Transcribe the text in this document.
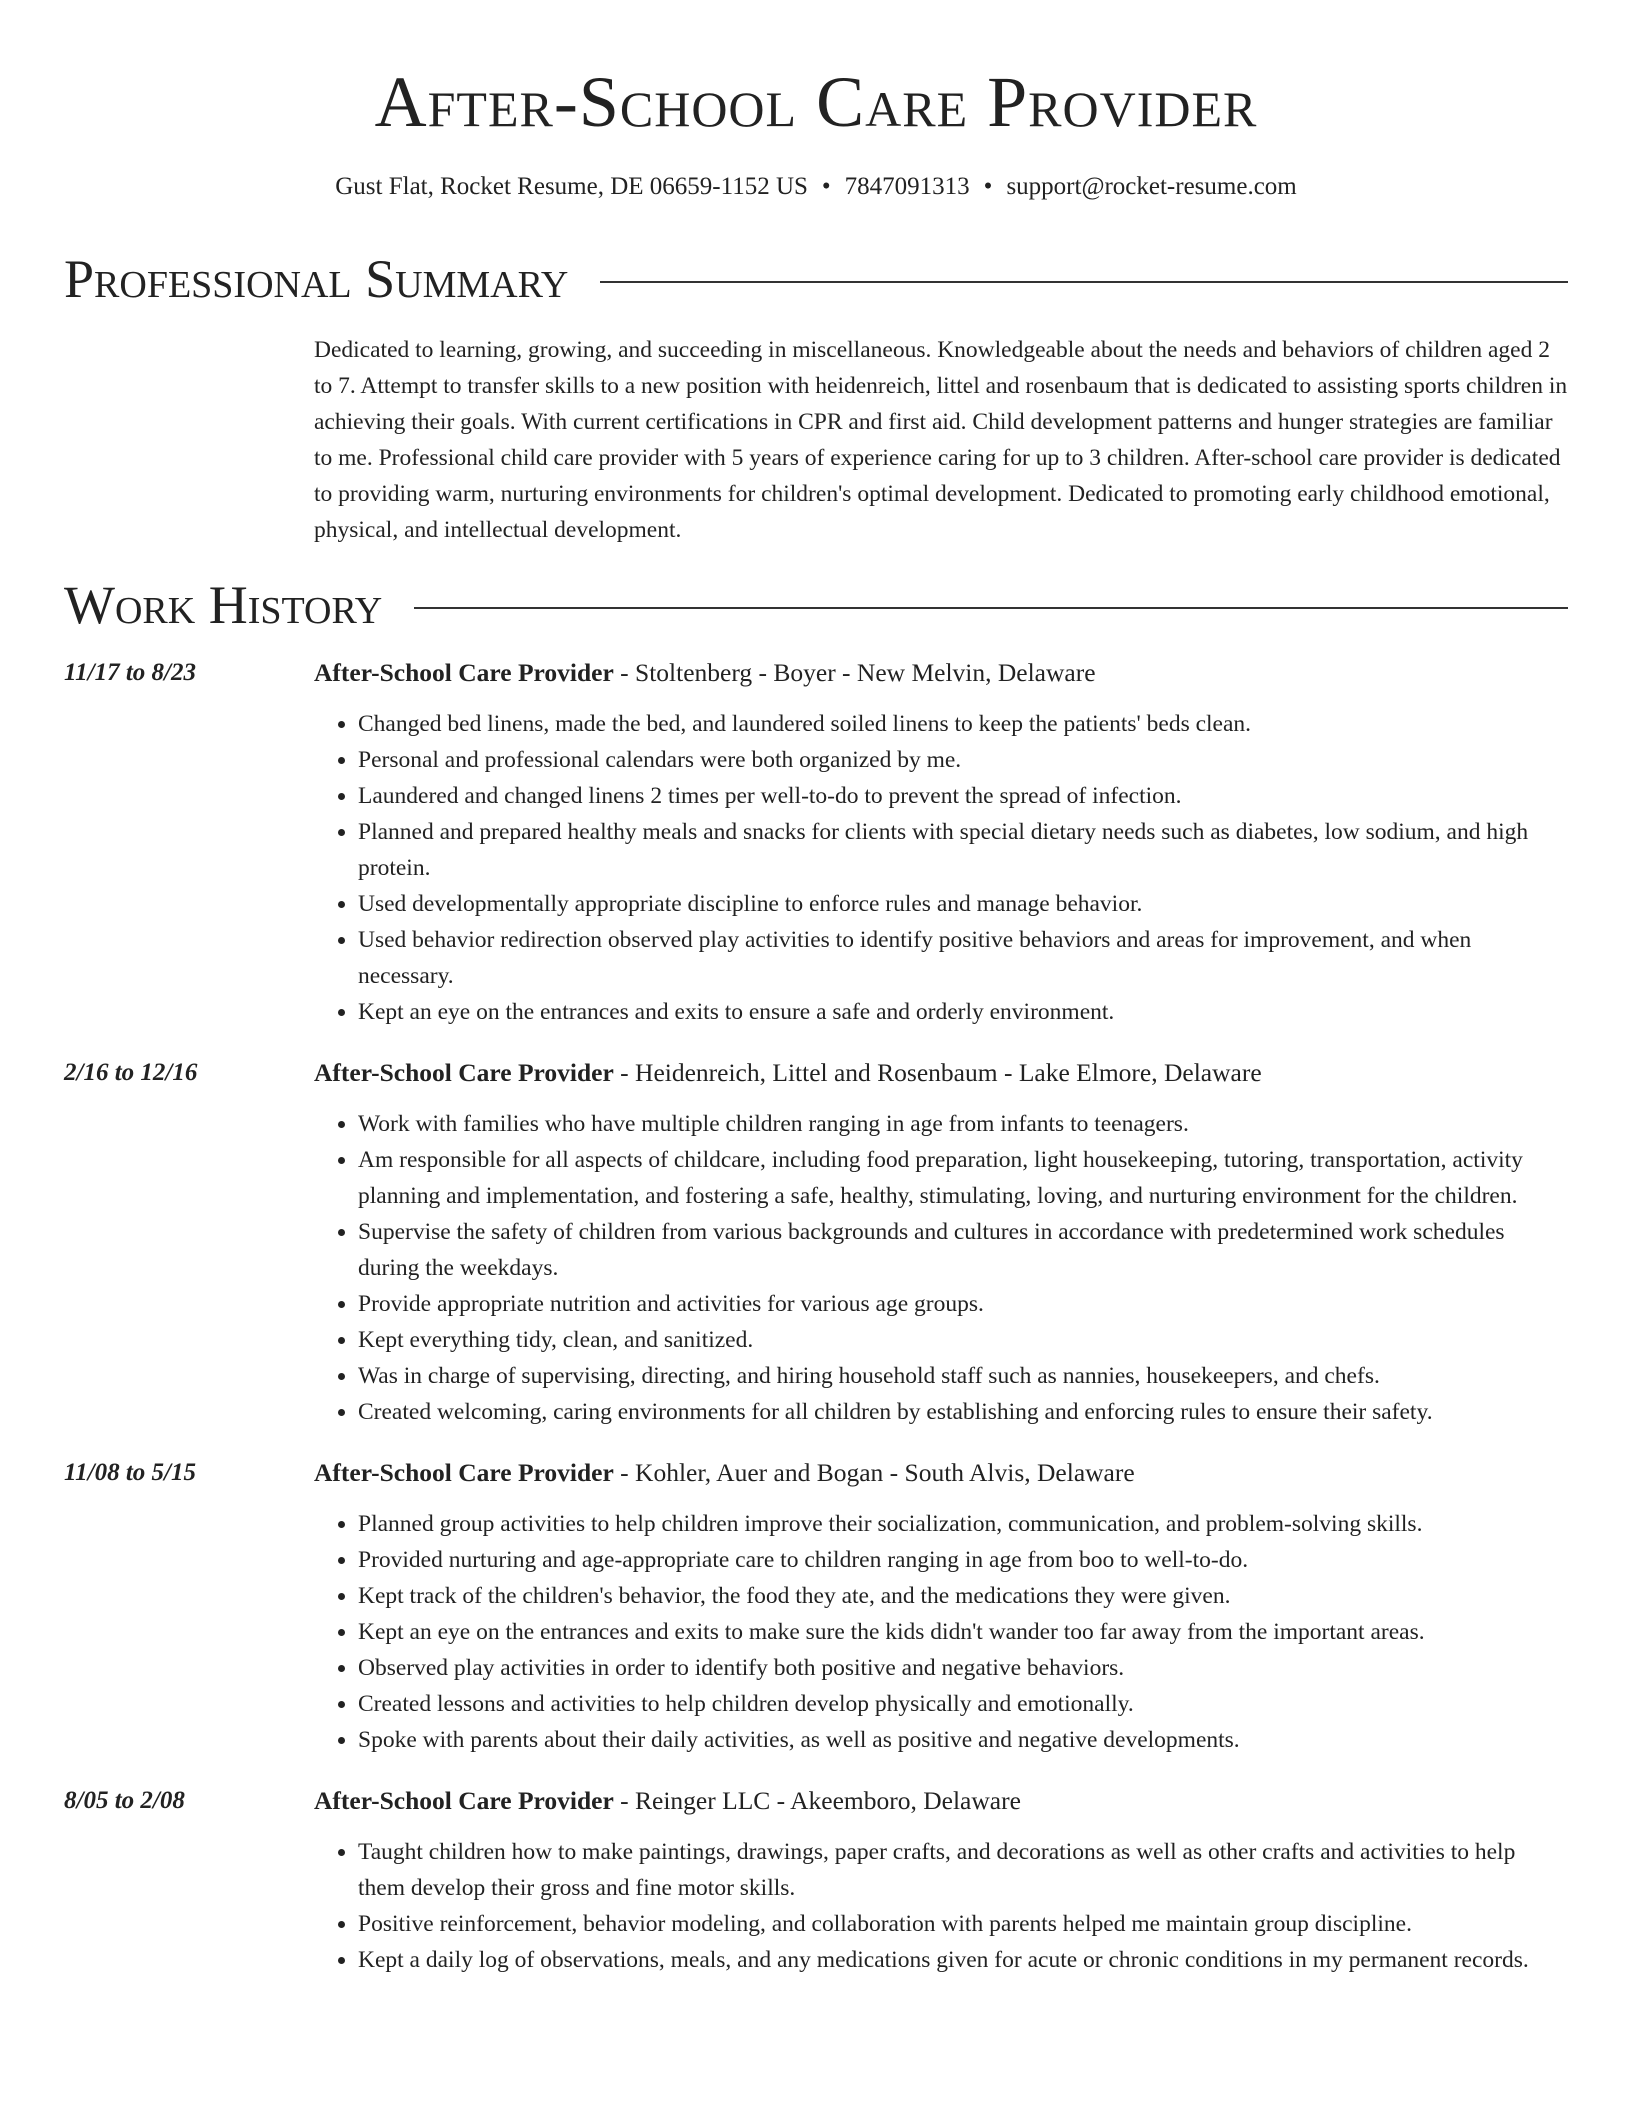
After-School Care Provider
Gust Flat, Rocket Resume, DE 06659-1152 US • 7847091313 • support@rocket-resume.com
Professional Summary

Dedicated to learning, growing, and succeeding in miscellaneous. Knowledgeable about the needs and behaviors of children aged 2 to 7. Attempt to transfer skills to a new position with heidenreich, littel and rosenbaum that is dedicated to assisting sports children in achieving their goals. With current certifications in CPR and first aid. Child development patterns and hunger strategies are familiar to me. Professional child care provider with 5 years of experience caring for up to 3 children. After-school care provider is dedicated to providing warm, nurturing environments for children's optimal development. Dedicated to promoting early childhood emotional, physical, and intellectual development.

Work History
11/17 to 8/23	After-School Care Provider - Stoltenberg - Boyer - New Melvin, Delaware
• Changed bed linens, made the bed, and laundered soiled linens to keep the patients' beds clean.
• Personal and professional calendars were both organized by me.
• Laundered and changed linens 2 times per well-to-do to prevent the spread of infection.
• Planned and prepared healthy meals and snacks for clients with special dietary needs such as diabetes, low sodium, and high protein.
• Used developmentally appropriate discipline to enforce rules and manage behavior.
• Used behavior redirection observed play activities to identify positive behaviors and areas for improvement, and when necessary.
• Kept an eye on the entrances and exits to ensure a safe and orderly environment.
2/16 to 12/16	After-School Care Provider - Heidenreich, Littel and Rosenbaum - Lake Elmore, Delaware
• Work with families who have multiple children ranging in age from infants to teenagers.
• Am responsible for all aspects of childcare, including food preparation, light housekeeping, tutoring, transportation, activity planning and implementation, and fostering a safe, healthy, stimulating, loving, and nurturing environment for the children.
• Supervise the safety of children from various backgrounds and cultures in accordance with predetermined work schedules during the weekdays.
• Provide appropriate nutrition and activities for various age groups.
• Kept everything tidy, clean, and sanitized.
• Was in charge of supervising, directing, and hiring household staff such as nannies, housekeepers, and chefs.
• Created welcoming, caring environments for all children by establishing and enforcing rules to ensure their safety.
11/08 to 5/15	After-School Care Provider - Kohler, Auer and Bogan - South Alvis, Delaware
• Planned group activities to help children improve their socialization, communication, and problem-solving skills.
• Provided nurturing and age-appropriate care to children ranging in age from boo to well-to-do.
• Kept track of the children's behavior, the food they ate, and the medications they were given.
• Kept an eye on the entrances and exits to make sure the kids didn't wander too far away from the important areas.
• Observed play activities in order to identify both positive and negative behaviors.
• Created lessons and activities to help children develop physically and emotionally.
• Spoke with parents about their daily activities, as well as positive and negative developments.
8/05 to 2/08	After-School Care Provider - Reinger LLC - Akeemboro, Delaware
• Taught children how to make paintings, drawings, paper crafts, and decorations as well as other crafts and activities to help them develop their gross and fine motor skills.
• Positive reinforcement, behavior modeling, and collaboration with parents helped me maintain group discipline.
• Kept a daily log of observations, meals, and any medications given for acute or chronic conditions in my permanent records.
